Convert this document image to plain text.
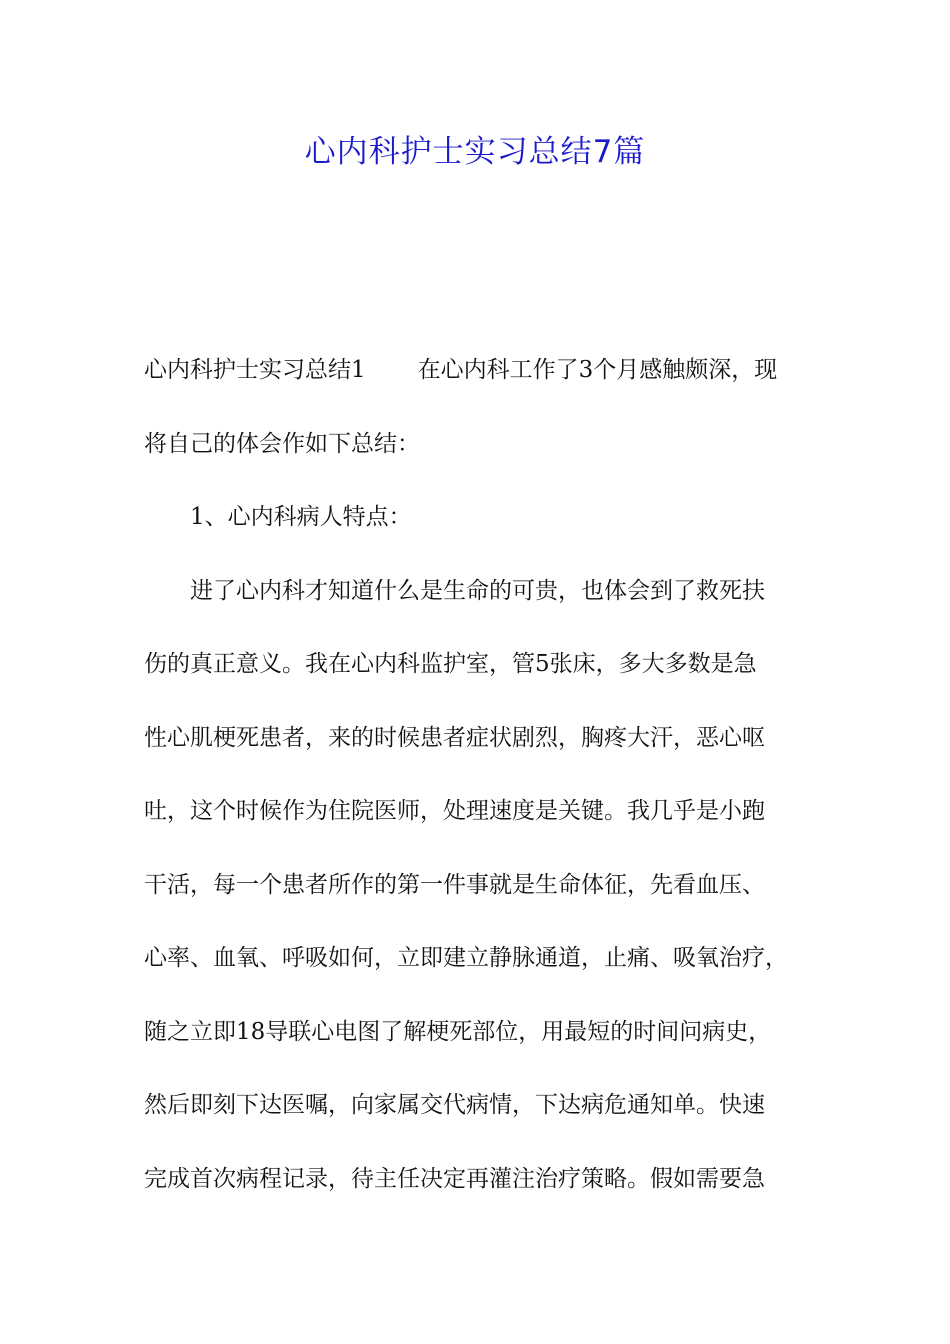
心内科护士实习总结7篇
心内科护士实习总结1 在心内科工作了3个月感触颇深，现
将自己的体会作如下总结：
1、心内科病人特点：
进了心内科才知道什么是生命的可贵，也体会到了救死扶
伤的真正意义。我在心内科监护室，管5张床，多大多数是急
性心肌梗死患者，来的时候患者症状剧烈，胸疼大汗，恶心呕
吐，这个时候作为住院医师，处理速度是关键。我几乎是小跑
干活，每一个患者所作的第一件事就是生命体征，先看血压、
心率、血氧、呼吸如何，立即建立静脉通道，止痛、吸氧治疗，
随之立即18导联心电图了解梗死部位，用最短的时间问病史，
然后即刻下达医嘱，向家属交代病情，下达病危通知单。快速
完成首次病程记录，待主任决定再灌注治疗策略。假如需要急
